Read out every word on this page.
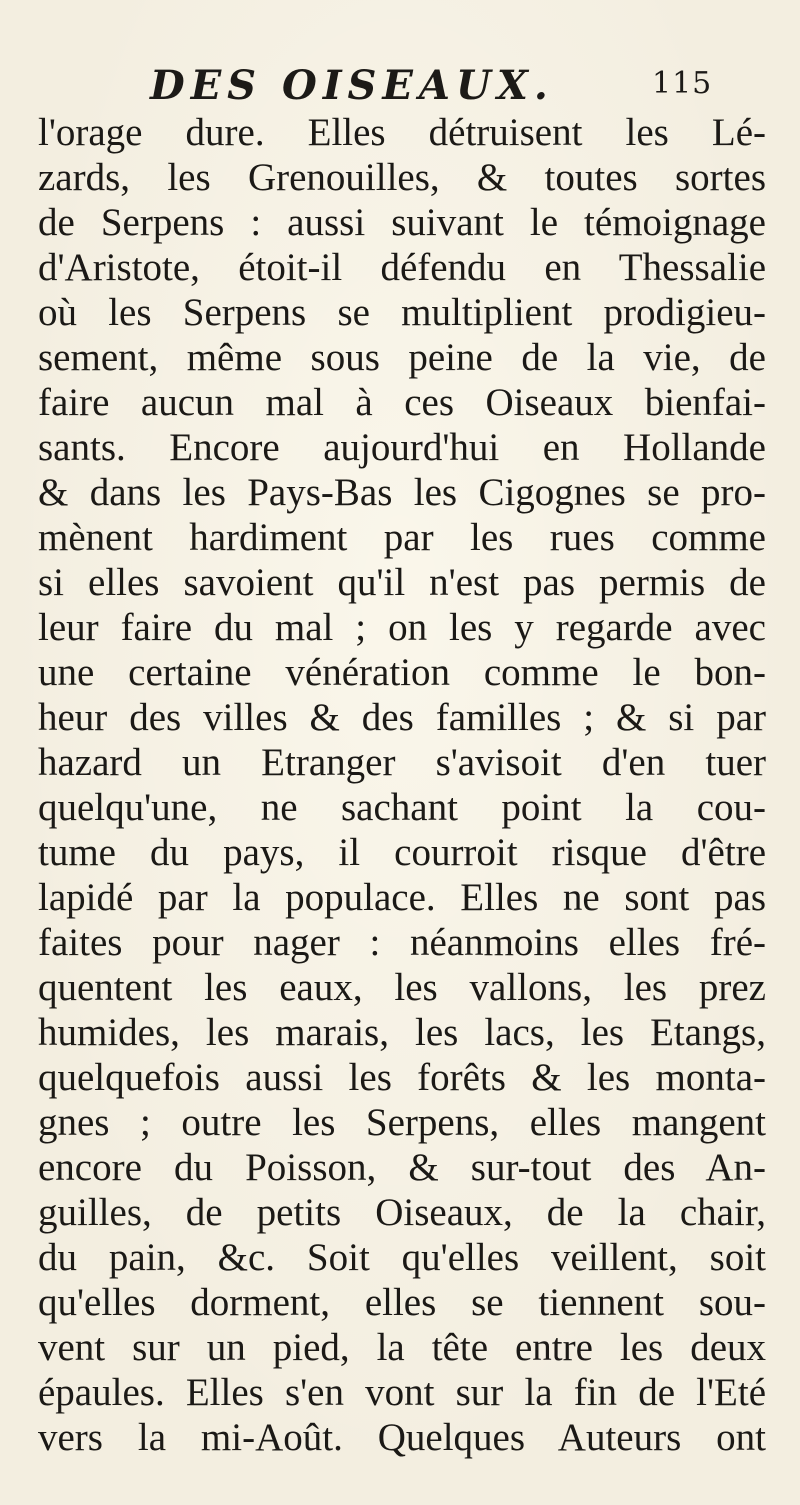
DES OISEAUX.	115
l'orage dure. Elles détruisent les Lé-
zards, les Grenouilles, & toutes sortes
de Serpens : aussi suivant le témoignage
d'Aristote, étoit-il défendu en Thessalie
où les Serpens se multiplient prodigieu-
sement, même sous peine de la vie, de
faire aucun mal à ces Oiseaux bienfai-
sants. Encore aujourd'hui en Hollande
& dans les Pays-Bas les Cigognes se pro-
mènent hardiment par les rues comme
si elles savoient qu'il n'est pas permis de
leur faire du mal ; on les y regarde avec
une certaine vénération comme le bon-
heur des villes & des familles ; & si par
hazard un Etranger s'avisoit d'en tuer
quelqu'une, ne sachant point la cou-
tume du pays, il courroit risque d'être
lapidé par la populace. Elles ne sont pas
faites pour nager : néanmoins elles fré-
quentent les eaux, les vallons, les prez
humides, les marais, les lacs, les Etangs,
quelquefois aussi les forêts & les monta-
gnes ; outre les Serpens, elles mangent
encore du Poisson, & sur-tout des An-
guilles, de petits Oiseaux, de la chair,
du pain, &c. Soit qu'elles veillent, soit
qu'elles dorment, elles se tiennent sou-
vent sur un pied, la tête entre les deux
épaules. Elles s'en vont sur la fin de l'Eté
vers la mi-Août. Quelques Auteurs ont
